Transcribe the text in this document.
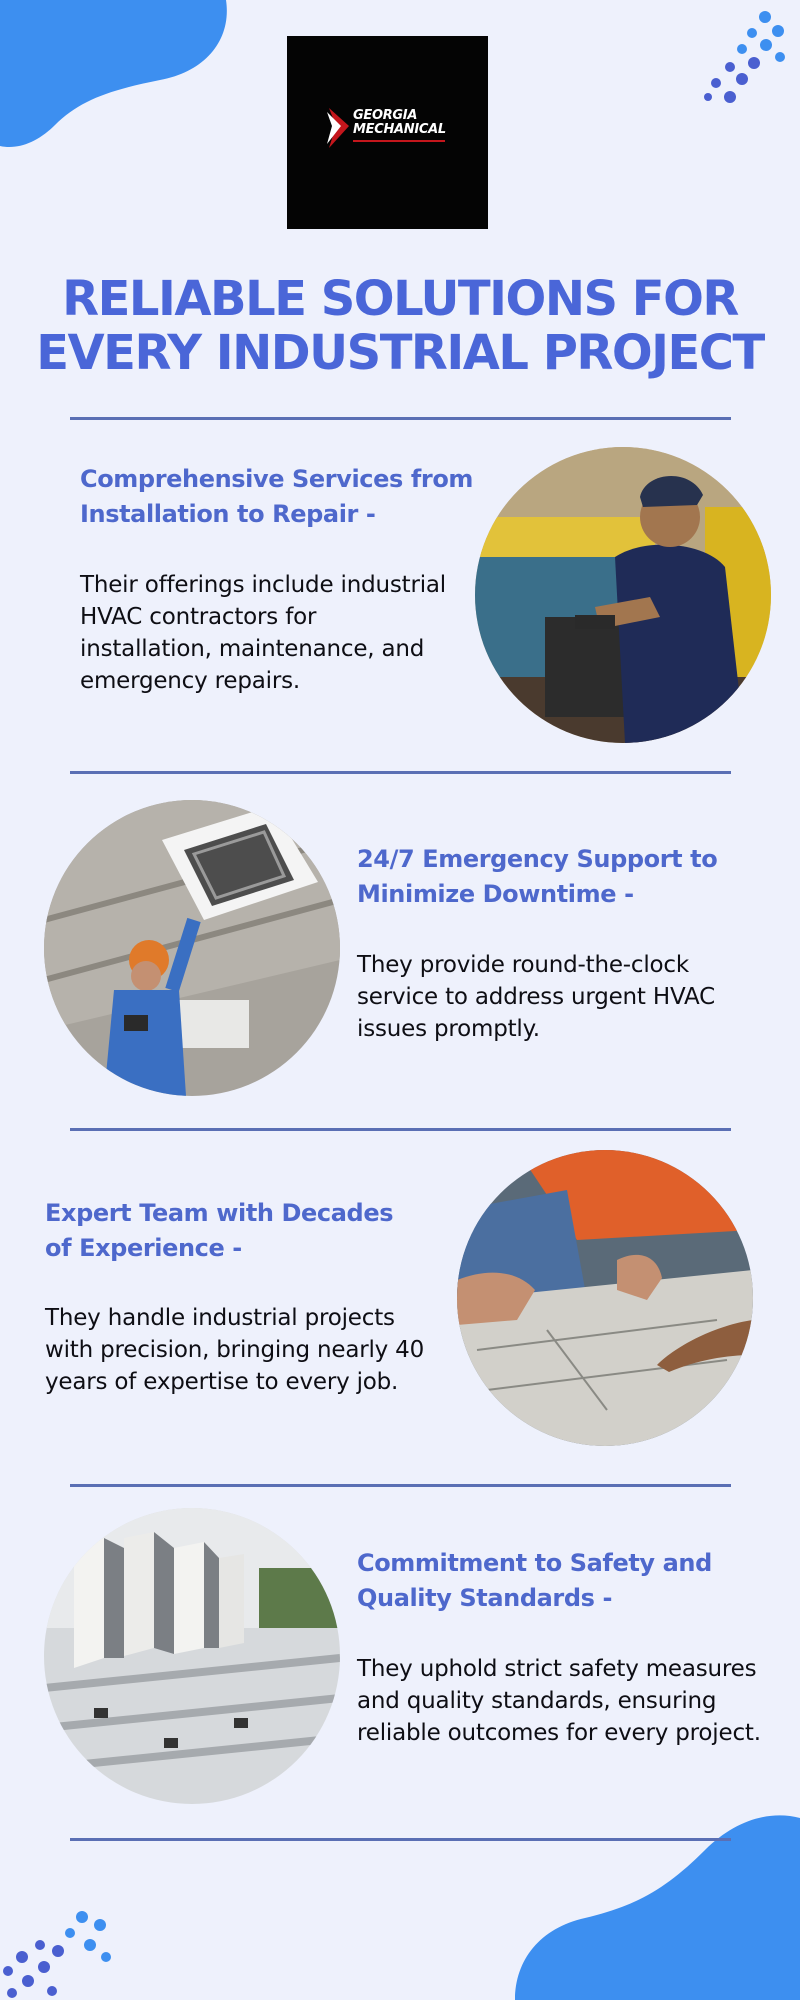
GEORGIA
MECHANICAL
RELIABLE SOLUTIONS FOR
EVERY INDUSTRIAL PROJECT
Comprehensive Services from
Installation to Repair -

Their offerings include industrial
HVAC contractors for
installation, maintenance, and
emergency repairs.

24/7 Emergency Support to
Minimize Downtime -

They provide round-the-clock
service to address urgent HVAC
issues promptly.

Expert Team with Decades
of Experience -

They handle industrial projects
with precision, bringing nearly 40
years of expertise to every job.

Commitment to Safety and
Quality Standards -

They uphold strict safety measures
and quality standards, ensuring
reliable outcomes for every project.
